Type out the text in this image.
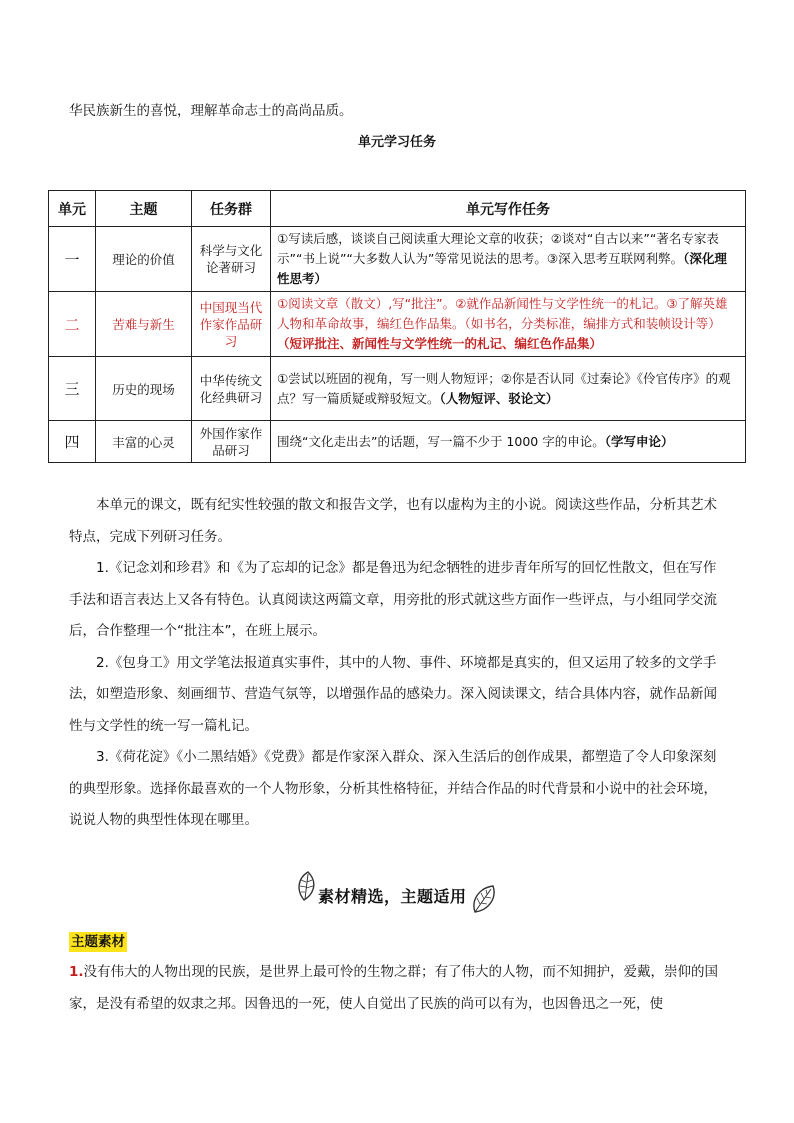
华民族新生的喜悦，理解革命志士的高尚品质。

单元学习任务

单元	主题	任务群	单元写作任务
一	理论的价值	科学与文化论著研习	①写读后感，谈谈自己阅读重大理论文章的收获；②谈对“自古以来”“著名专家表示”“书上说”“大多数人认为”等常见说法的思考。③深入思考互联网利弊。（深化理性思考）
二	苦难与新生	中国现当代作家作品研习	①阅读文章（散文）,写“批注”。②就作品新闻性与文学性统一的札记。③了解英雄人物和革命故事，编红色作品集。（如书名，分类标准，编排方式和装帧设计等）（短评批注、新闻性与文学性统一的札记、编红色作品集）
三	历史的现场	中华传统文化经典研习	①尝试以班固的视角，写一则人物短评；②你是否认同《过秦论》《伶官传序》的观点？写一篇质疑或辩驳短文。（人物短评、驳论文）
四	丰富的心灵	外国作家作品研习	围绕“文化走出去”的话题，写一篇不少于 1000 字的申论。（学写申论）

本单元的课文，既有纪实性较强的散文和报告文学，也有以虚构为主的小说。阅读这些作品，分析其艺术特点，完成下列研习任务。

1.《记念刘和珍君》和《为了忘却的记念》都是鲁迅为纪念牺牲的进步青年所写的回忆性散文，但在写作手法和语言表达上又各有特色。认真阅读这两篇文章，用旁批的形式就这些方面作一些评点，与小组同学交流后，合作整理一个“批注本”，在班上展示。

2.《包身工》用文学笔法报道真实事件，其中的人物、事件、环境都是真实的，但又运用了较多的文学手法，如塑造形象、刻画细节、营造气氛等，以增强作品的感染力。深入阅读课文，结合具体内容，就作品新闻性与文学性的统一写一篇札记。

3.《荷花淀》《小二黑结婚》《党费》都是作家深入群众、深入生活后的创作成果，都塑造了令人印象深刻的典型形象。选择你最喜欢的一个人物形象，分析其性格特征，并结合作品的时代背景和小说中的社会环境，说说人物的典型性体现在哪里。

素材精选，主题适用
主题素材

1.没有伟大的人物出现的民族，是世界上最可怜的生物之群；有了伟大的人物，而不知拥护，爱戴，崇仰的国家，是没有希望的奴隶之邦。因鲁迅的一死，使人自觉出了民族的尚可以有为，也因鲁迅之一死，使
